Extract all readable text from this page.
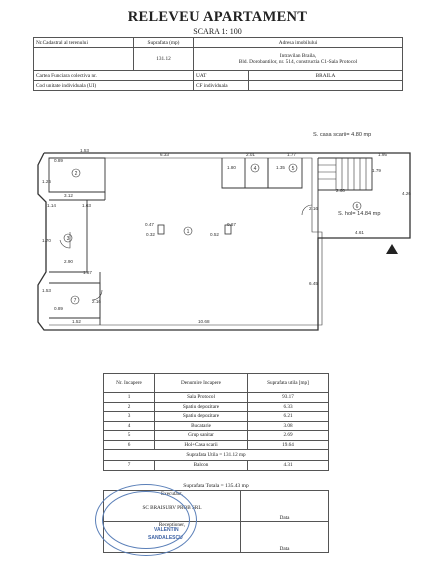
RELEVEU APARTAMENT
SCARA 1: 100
Nr.Cadastral al terenului	Suprafata (mp)	Adresa imobilului	
	131.12	Intravilan Braila,
Bld. Dorobantilor, nr. 514, constructia C1-Sala Protocol	

Cartea Funciara colectiva nr.		UAT	BRAILA
Cod unitate individuala (UI)		CF individuala	
6.33	2.01	1.77	1.95
1.53
0.89
1.26
3.12
1.14	1.63
1.70
0.47
0.32	0.52
0.67
1.53
2.90
1.87
2.16
0.89
1.52	10.68
6.45
2.16
2.60
1.79
4.61
4.26
1.80	1.35
S. casa scarii= 4.80 mp
S. hol= 14.84 mp
1
2
3
4	5
6
7
Nr. Incapere	Denumire Incapere	Suprafata utila [mp]
1	Sala Protocol	93.17
2	Spatiu depozitare	6.33
3	Spatiu depozitare	6.21
4	Bucatarie	3.08
5	Grup sanitar	2.69
6	Hol+Casa scarii	19.64
Suprafata Utila = 131.12 mp		
7	Balcon	4.31
Suprafata Totala = 135.43 mp
Executant,
SC BRAISURV PROB SRL	Data
Receptioner,	Data
SANDALESCU
VALENTIN
